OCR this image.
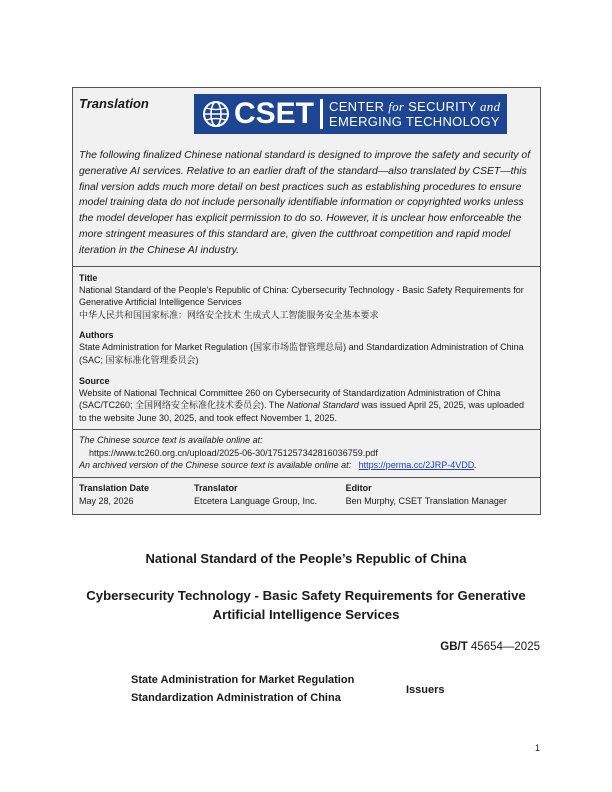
Translation	CSET CENTER for SECURITY and
EMERGING TECHNOLOGY

The following finalized Chinese national standard is designed to improve the safety and security of generative AI services. Relative to an earlier draft of the standard—also translated by CSET—this final version adds much more detail on best practices such as establishing procedures to ensure model training data do not include personally identifiable information or copyrighted works unless the model developer has explicit permission to do so. However, it is unclear how enforceable the more stringent measures of this standard are, given the cutthroat competition and rapid model iteration in the Chinese AI industry.

Title

National Standard of the People's Republic of China: Cybersecurity Technology - Basic Safety Requirements for Generative Artificial Intelligence Services

中华人民共和国国家标准：网络安全技术 生成式人工智能服务安全基本要求

Authors

State Administration for Market Regulation (国家市场监督管理总局) and Standardization Administration of China (SAC; 国家标准化管理委员会)

Source

Website of National Technical Committee 260 on Cybersecurity of Standardization Administration of China (SAC/TC260; 全国网络安全标准化技术委员会). The National Standard was issued April 25, 2025, was uploaded to the website June 30, 2025, and took effect November 1, 2025.

The Chinese source text is available online at:

https://www.tc260.org.cn/upload/2025-06-30/1751257342816036759.pdf

An archived version of the Chinese source text is available online at: https://perma.cc/2JRP-4VDD.

Translation Date
May 28, 2026
Translator
Etcetera Language Group, Inc.
Editor
Ben Murphy, CSET Translation Manager
National Standard of the People’s Republic of China
Cybersecurity Technology - Basic Safety Requirements for Generative Artificial Intelligence Services
GB/T 45654—2025
State Administration for Market Regulation
Standardization Administration of China
Issuers
1
